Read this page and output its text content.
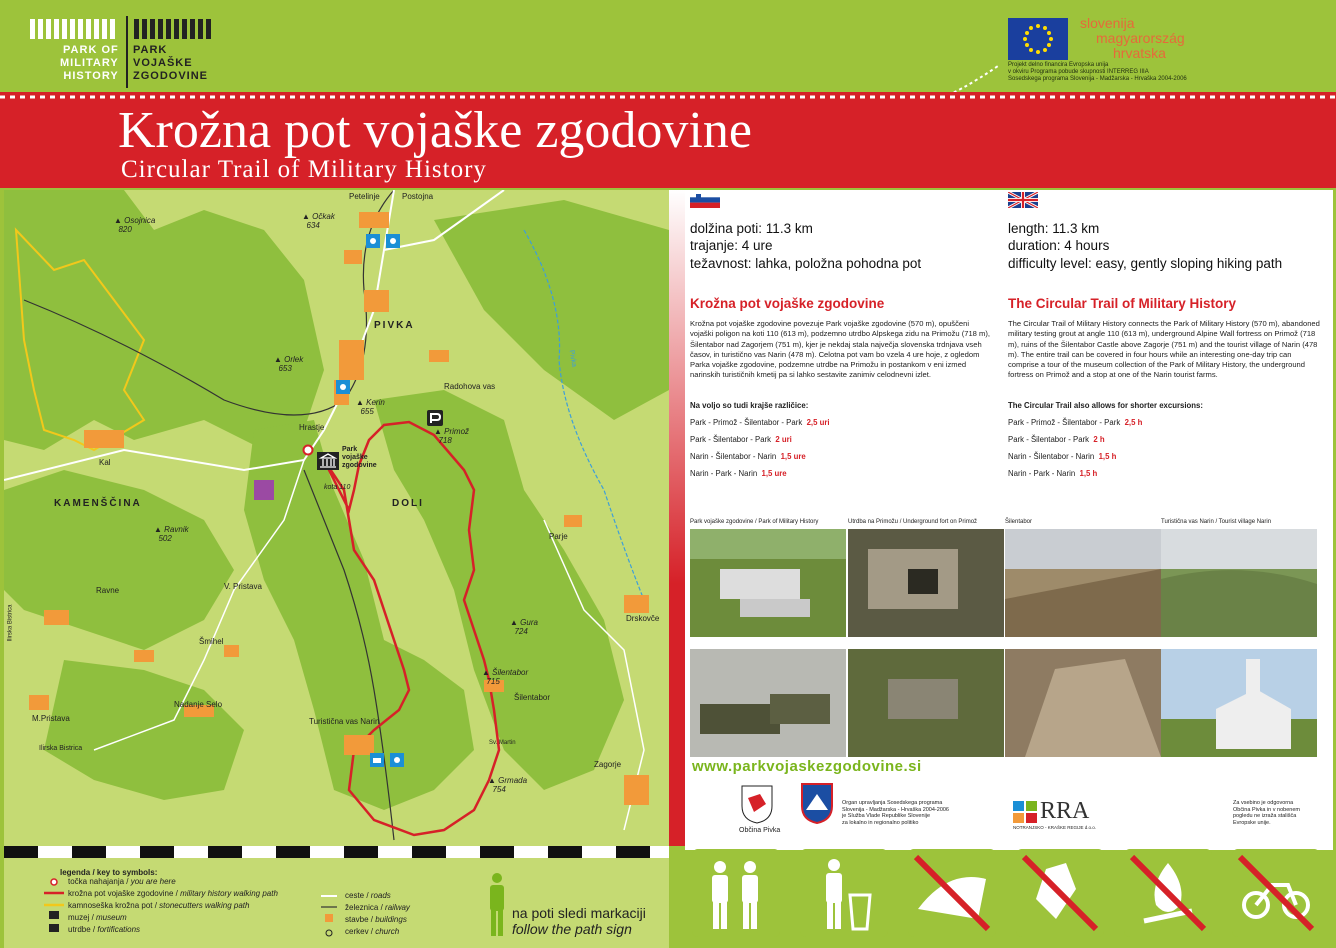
PARK OF
MILITARY
HISTORY
PARK
VOJAŠKE
ZGODOVINE
slovenija
magyarország
hrvatska
Projekt delno financira Evropska unija
v okviru Programa pobude skupnosti INTERREG IIIA
Sosedskega programa Slovenija - Madžarska - Hrvaška 2004-2006
Krožna pot vojaške zgodovine
Circular Trail of Military History
Petelinje	Postojna
PIVKA
Radohova vas
Hrastje
Kal
KAMENŠČINA	DOLI
Parje
V. Pristava
Ravne
Šmihel
Drskovče
Nadanje Selo
M.Pristava
Ilirska Bistrica
Turistična vas Narin
Šilentabor
Sv. Martin
Zagorje
Pivka
Ilirska Bistrica
▲ Osojnica
820
▲ Očkak
634
▲ Orlek
653
▲ Kerin
655
▲ Primož
718
▲ Ravnik
502
▲ Gura
724
▲ Šilentabor
715
▲ Grmada
754
Park
vojaške
zgodovine
kota 110
dolžina poti: 11.3 km
trajanje: 4 ure
težavnost: lahka, položna pohodna pot
length: 11.3 km
duration: 4 hours
difficulty level: easy, gently sloping hiking path
Krožna pot vojaške zgodovine	The Circular Trail of Military History
Krožna pot vojaške zgodovine povezuje Park vojaške zgodovine (570 m), opuščeni vojaški poligon na koti 110 (613 m), podzemno utrdbo Alpskega zidu na Primožu (718 m), Šilentabor nad Zagorjem (751 m), kjer je nekdaj stala največja slovenska trdnjava vseh časov, in turistično vas Narin (478 m). Celotna pot vam bo vzela 4 ure hoje, z ogledom Parka vojaške zgodovine, podzemne utrdbe na Primožu in postankom v eni izmed narinskih turističnih kmetij pa si lahko sestavite zanimiv celodnevni izlet.
The Circular Trail of Military History connects the Park of Military History (570 m), abandoned military testing grout at angle 110 (613 m), underground Alpine Wall fortress on Primož (718 m), ruins of the Šilentabor Castle above Zagorje (751 m) and the tourist village of Narin (478 m). The entire trail can be covered in four hours while an interesting one-day trip can comprise a tour of the museum collection of the Park of Military History, the underground fortress on Primož and a stop at one of the Narin tourist farms.
Na voljo so tudi krajše različice:	The Circular Trail also allows for shorter excursions:
Park - Primož - Šilentabor - Park 2,5 uri
Park - Šilentabor - Park 2 uri
Narin - Šilentabor - Narin 1,5 ure
Narin - Park - Narin 1,5 ure
Park - Primož - Šilentabor - Park 2,5 h
Park - Šilentabor - Park 2 h
Narin - Šilentabor - Narin 1,5 h
Narin - Park - Narin 1,5 h
Park vojaške zgodovine / Park of Military History	Utrdba na Primožu / Underground fort on Primož	Šilentabor	Turistična vas Narin / Tourist village Narin
www.parkvojaskezgodovine.si
Občina Pivka
Organ upravljanja Sosedskega programa
Slovenija - Madžarska - Hrvaška 2004-2006
je Služba Vlade Republike Slovenije
za lokalno in regionalno politiko	RRA
NOTRANJSKO - KRAŠKE REGIJE d.o.o.
Za vsebino je odgovorna
Občina Pivka in v nobenem
pogledu ne izraža stališča
Evropske unije.
legenda / key to symbols:
točka nahajanja / you are here
krožna pot vojaške zgodovine / military history walking path
kamnoseška krožna pot / stonecutters walking path
muzej / museum
utrdbe / fortifications
ceste / roads
železnica / railway
stavbe / buildings
cerkev / church
na poti sledi markaciji
follow the path sign
